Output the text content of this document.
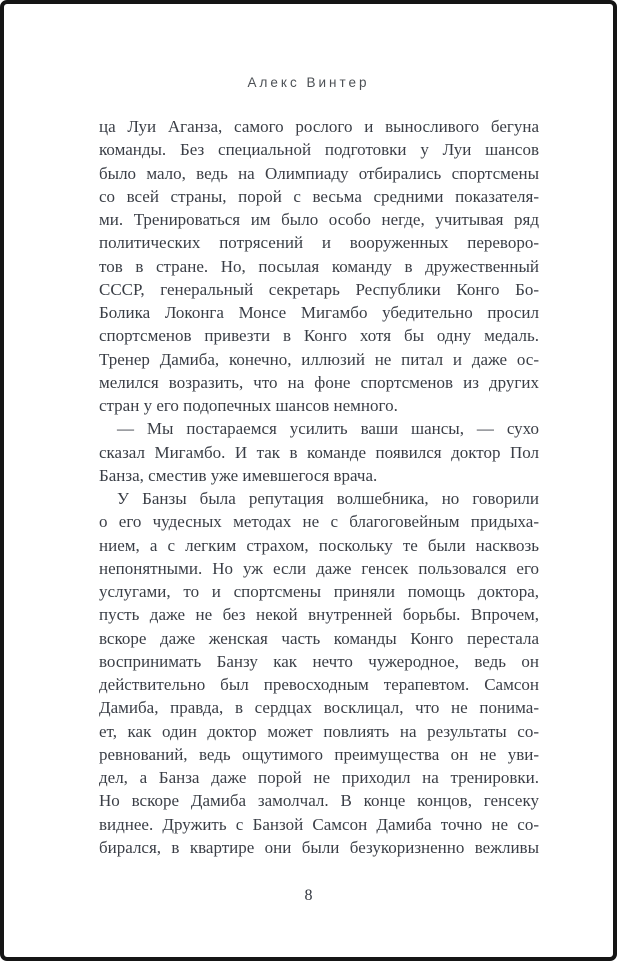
Алекс Винтер
ца Луи Аганза, самого рослого и выносливого бегуна
команды. Без специальной подготовки у Луи шансов
было мало, ведь на Олимпиаду отбирались спортсмены
со всей страны, порой с весьма средними показателя-
ми. Тренироваться им было особо негде, учитывая ряд
политических потрясений и вооруженных переворо-
тов в стране. Но, посылая команду в дружественный
СССР, генеральный секретарь Республики Конго Бо-
Болика Локонга Монсе Мигамбо убедительно просил
спортсменов привезти в Конго хотя бы одну медаль.
Тренер Дамиба, конечно, иллюзий не питал и даже ос-
мелился возразить, что на фоне спортсменов из других
стран у его подопечных шансов немного.
— Мы постараемся усилить ваши шансы, — сухо
сказал Мигамбо. И так в команде появился доктор Пол
Банза, сместив уже имевшегося врача.
У Банзы была репутация волшебника, но говорили
о его чудесных методах не с благоговейным придыха-
нием, а с легким страхом, поскольку те были насквозь
непонятными. Но уж если даже генсек пользовался его
услугами, то и спортсмены приняли помощь доктора,
пусть даже не без некой внутренней борьбы. Впрочем,
вскоре даже женская часть команды Конго перестала
воспринимать Банзу как нечто чужеродное, ведь он
действительно был превосходным терапевтом. Самсон
Дамиба, правда, в сердцах восклицал, что не понима-
ет, как один доктор может повлиять на результаты со-
ревнований, ведь ощутимого преимущества он не уви-
дел, а Банза даже порой не приходил на тренировки.
Но вскоре Дамиба замолчал. В конце концов, генсеку
виднее. Дружить с Банзой Самсон Дамиба точно не со-
бирался, в квартире они были безукоризненно вежливы
8
